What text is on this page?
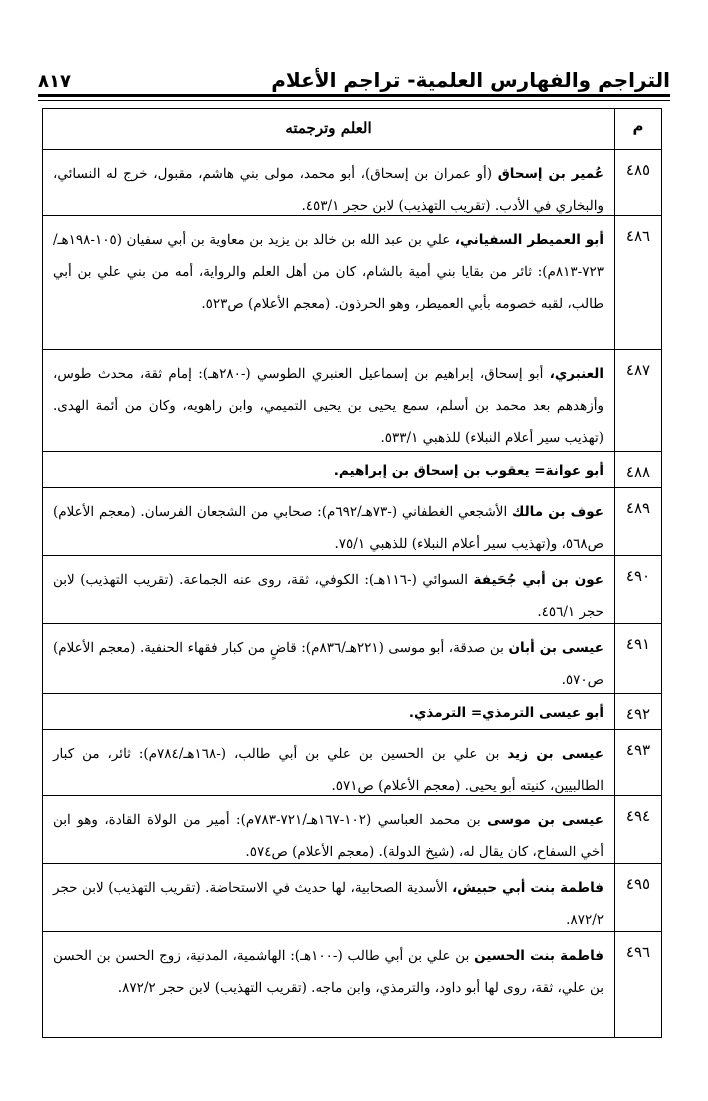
التراجم والفهارس العلمية- تراجم الأعلام
٨١٧
م
العلم وترجمته
٤٨٥
عُمير بن إسحاق (أو عمران بن إسحاق)، أبو محمد، مولى بني هاشم، مقبول، خرج له النسائي، والبخاري في الأدب. (تقريب التهذيب) لابن حجر ٤٥٣/١.
٤٨٦
أبو العميطر السفياني، علي بن عبد الله بن خالد بن يزيد بن معاوية بن أبي سفيان (١٠٥-١٩٨هـ/٧٢٣-٨١٣م): ثائر من بقايا بني أمية بالشام، كان من أهل العلم والرواية، أمه من بني علي بن أبي طالب، لقبه خصومه بأبي العميطر، وهو الحرذون. (معجم الأعلام) ص٥٢٣.
٤٨٧
العنبري، أبو إسحاق، إبراهيم بن إسماعيل العنبري الطوسي (-٢٨٠هـ): إمام ثقة، محدث طوس، وأزهدهم بعد محمد بن أسلم، سمع يحيى بن يحيى التميمي، وابن راهويه، وكان من أئمة الهدى. (تهذيب سير أعلام النبلاء) للذهبي ٥٣٣/١.
٤٨٨
أبو عوانة= يعقوب بن إسحاق بن إبراهيم.
٤٨٩
عوف بن مالك الأشجعي الغطفاني (-٧٣هـ/٦٩٢م): صحابي من الشجعان الفرسان. (معجم الأعلام) ص٥٦٨، و(تهذيب سير أعلام النبلاء) للذهبي ٧٥/١.
٤٩٠
عون بن أبي جُحَيفة السوائي (-١١٦هـ): الكوفي، ثقة، روى عنه الجماعة. (تقريب التهذيب) لابن حجر ٤٥٦/١.
٤٩١
عيسى بن أبان بن صدقة، أبو موسى (٢٢١هـ/٨٣٦م): قاضٍ من كبار فقهاء الحنفية. (معجم الأعلام) ص٥٧٠.
٤٩٢
أبو عيسى الترمذي= الترمذي.
٤٩٣
عيسى بن زيد بن علي بن الحسين بن علي بن أبي طالب، (-١٦٨هـ/٧٨٤م): ثائر، من كبار الطالبيين، كنيته أبو يحيى. (معجم الأعلام) ص٥٧١.
٤٩٤
عيسى بن موسى بن محمد العباسي (١٠٢-١٦٧هـ/٧٢١-٧٨٣م): أمير من الولاة القادة، وهو ابن أخي السفاح، كان يقال له، (شيخ الدولة). (معجم الأعلام) ص٥٧٤.
٤٩٥
فاطمة بنت أبي حبيش، الأسدية الصحابية، لها حديث في الاستحاضة. (تقريب التهذيب) لابن حجر ٨٧٢/٢.
٤٩٦
فاطمة بنت الحسين بن علي بن أبي طالب (-١٠٠هـ): الهاشمية، المدنية، زوج الحسن بن الحسن بن علي، ثقة، روى لها أبو داود، والترمذي، وابن ماجه. (تقريب التهذيب) لابن حجر ٨٧٢/٢.
